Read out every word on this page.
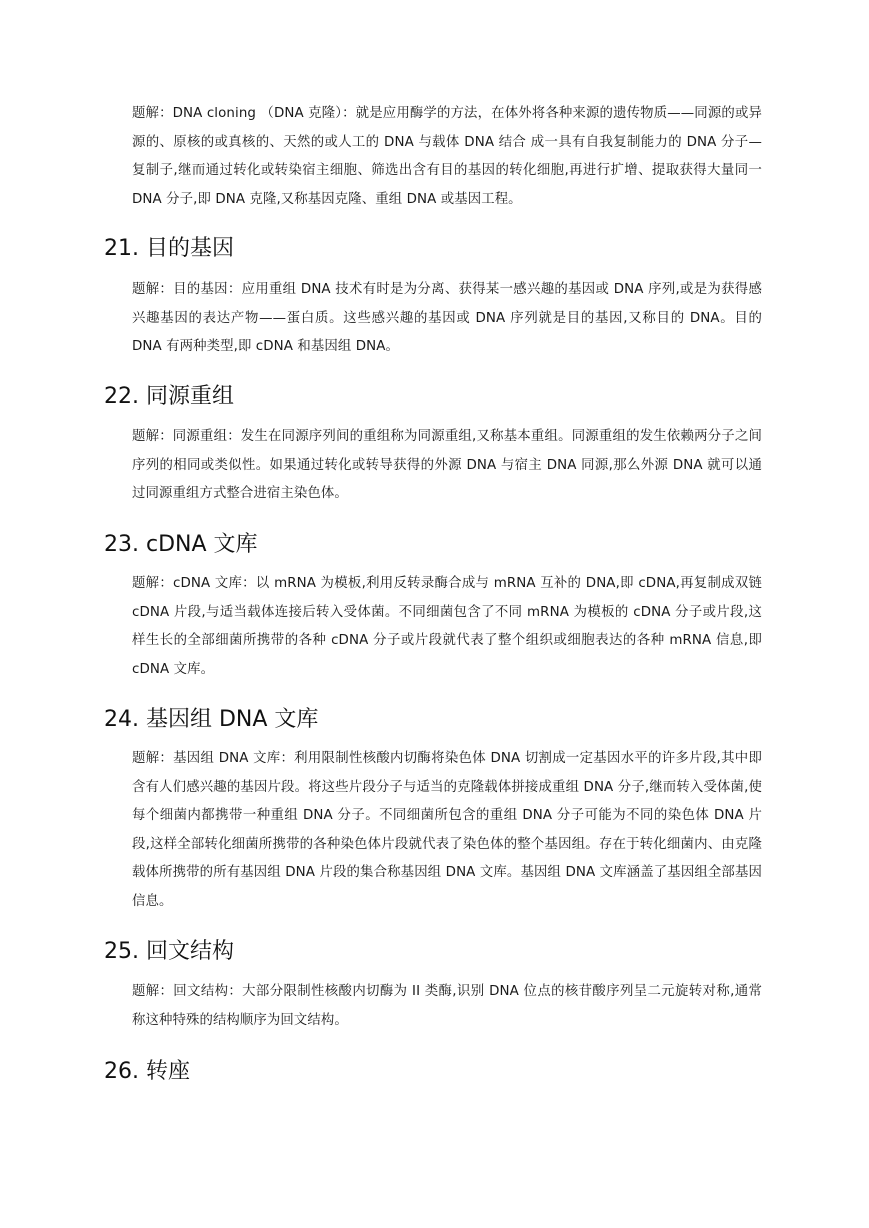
题解：DNA cloning （DNA 克隆）：就是应用酶学的方法，在体外将各种来源的遗传物质——同源的或异源的、原核的或真核的、天然的或人工的 DNA 与载体 DNA 结合 成一具有自我复制能力的 DNA 分子—复制子,继而通过转化或转染宿主细胞、筛选出含有目的基因的转化细胞,再进行扩增、提取获得大量同一 DNA 分子,即 DNA 克隆,又称基因克隆、重组 DNA 或基因工程。

21. 目的基因

题解：目的基因：应用重组 DNA 技术有时是为分离、获得某一感兴趣的基因或 DNA 序列,或是为获得感兴趣基因的表达产物——蛋白质。这些感兴趣的基因或 DNA 序列就是目的基因,又称目的 DNA。目的 DNA 有两种类型,即 cDNA 和基因组 DNA。

22. 同源重组

题解：同源重组：发生在同源序列间的重组称为同源重组,又称基本重组。同源重组的发生依赖两分子之间序列的相同或类似性。如果通过转化或转导获得的外源 DNA 与宿主 DNA 同源,那么外源 DNA 就可以通过同源重组方式整合进宿主染色体。

23. cDNA 文库

题解：cDNA 文库：以 mRNA 为模板,利用反转录酶合成与 mRNA 互补的 DNA,即 cDNA,再复制成双链 cDNA 片段,与适当载体连接后转入受体菌。不同细菌包含了不同 mRNA 为模板的 cDNA 分子或片段,这样生长的全部细菌所携带的各种 cDNA 分子或片段就代表了整个组织或细胞表达的各种 mRNA 信息,即 cDNA 文库。

24. 基因组 DNA 文库

题解：基因组 DNA 文库：利用限制性核酸内切酶将染色体 DNA 切割成一定基因水平的许多片段,其中即含有人们感兴趣的基因片段。将这些片段分子与适当的克隆载体拼接成重组 DNA 分子,继而转入受体菌,使每个细菌内都携带一种重组 DNA 分子。不同细菌所包含的重组 DNA 分子可能为不同的染色体 DNA 片段,这样全部转化细菌所携带的各种染色体片段就代表了染色体的整个基因组。存在于转化细菌内、由克隆载体所携带的所有基因组 DNA 片段的集合称基因组 DNA 文库。基因组 DNA 文库涵盖了基因组全部基因信息。

25. 回文结构

题解：回文结构：大部分限制性核酸内切酶为 II 类酶,识别 DNA 位点的核苷酸序列呈二元旋转对称,通常称这种特殊的结构顺序为回文结构。

26. 转座
